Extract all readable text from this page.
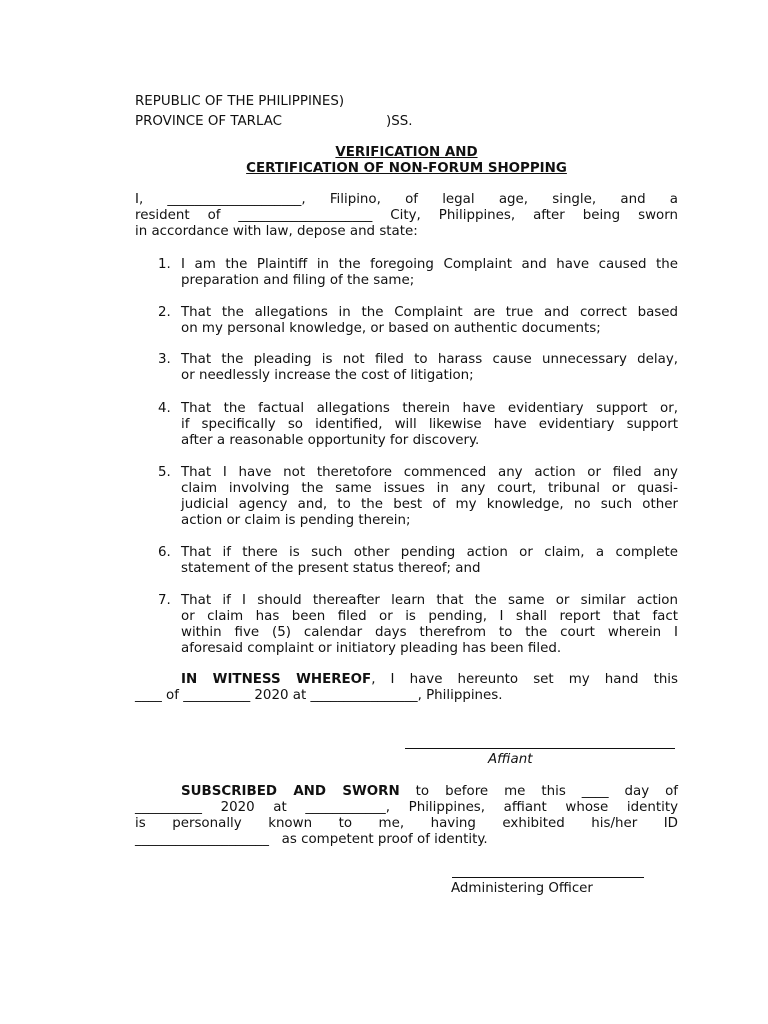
REPUBLIC OF THE PHILIPPINES)
PROVINCE OF TARLAC	)SS.
VERIFICATION AND
CERTIFICATION OF NON-FORUM SHOPPING
I,  ____________________,  Filipino,  of  legal  age,  single,  and  a
resident of ____________________ City, Philippines, after being sworn
in accordance with law, depose and state:
1. I am the Plaintiff in the foregoing Complaint and have caused the
preparation and filing of the same;
2. That the allegations in the Complaint are true and correct based
on my personal knowledge, or based on authentic documents;
3. That the pleading is not filed to harass cause unnecessary delay,
or needlessly increase the cost of litigation;
4. That the factual allegations therein have evidentiary support or,
if specifically so identified, will likewise have evidentiary support
after a reasonable opportunity for discovery.
5. That I have not theretofore commenced any action or filed any
claim involving the same issues in any court, tribunal or quasi-
judicial agency and, to the best of my knowledge, no such other
action or claim is pending therein;
6. That if there is such other pending action or claim, a complete
statement of the present status thereof; and
7. That if I should thereafter learn that the same or similar action
or claim has been filed or is pending, I shall report that fact
within five (5) calendar days therefrom to the court wherein I
aforesaid complaint or initiatory pleading has been filed.
IN WITNESS WHEREOF, I have hereunto set my hand this
____ of __________ 2020 at ________________, Philippines.
Affiant
SUBSCRIBED AND SWORN to before me this ____ day of
__________ 2020 at ____________, Philippines, affiant whose identity
is   personally   known   to   me,   having   exhibited   his/her   ID
____________________   as competent proof of identity.
Administering Officer
